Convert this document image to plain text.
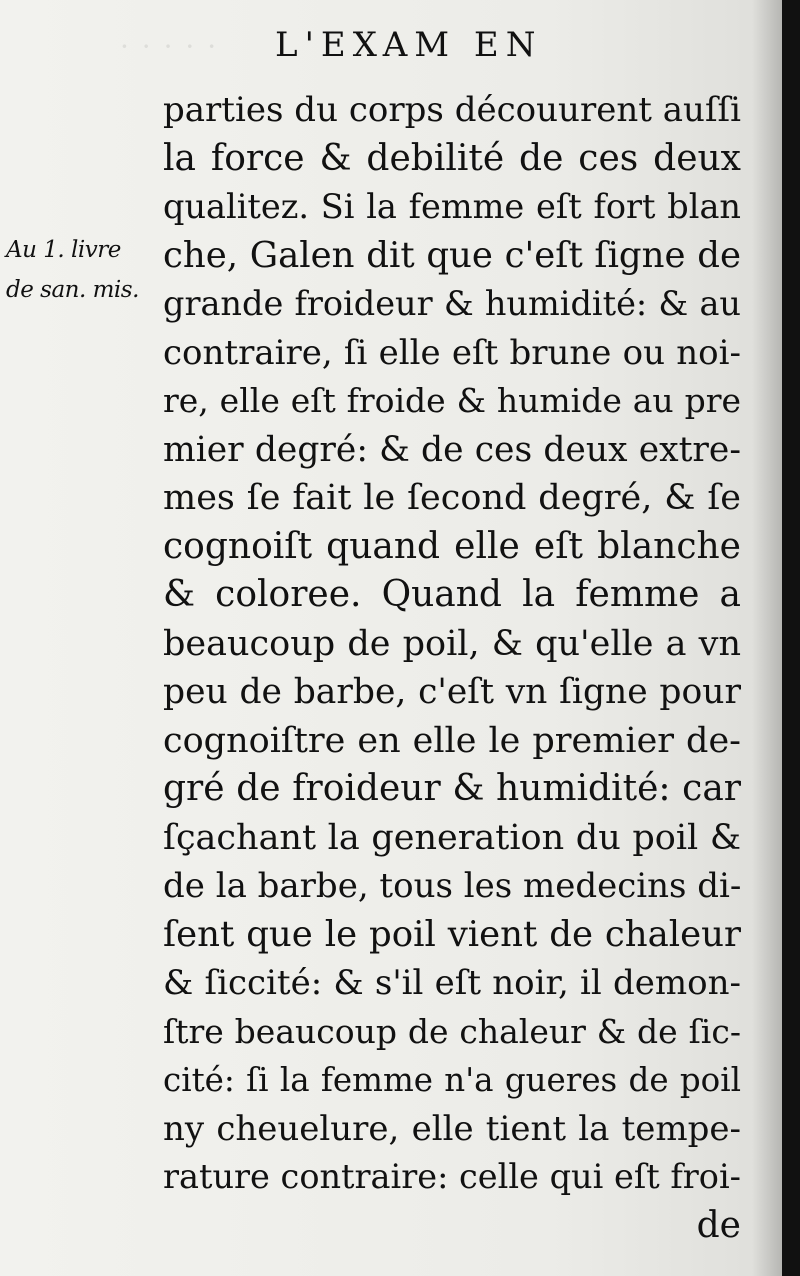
· · · · · L'EXAM EN
Au 1. livre
de san. mis.
parties du corps découurent auſſi
la force & debilité de ces deux
qualitez. Si la femme eſt fort blan
che, Galen dit que c'eſt ſigne de
grande froideur & humidité: & au
contraire, ſi elle eſt brune ou noi-
re, elle eſt froide & humide au pre
mier degré: & de ces deux extre-
mes ſe fait le ſecond degré, & ſe
cognoiſt quand elle eſt blanche
& coloree. Quand la femme a
beaucoup de poil, & qu'elle a vn
peu de barbe, c'eſt vn ſigne pour
cognoiſtre en elle le premier de-
gré de froideur & humidité: car
ſçachant la generation du poil &
de la barbe, tous les medecins di-
ſent que le poil vient de chaleur
& ſiccité: & s'il eſt noir, il demon-
ſtre beaucoup de chaleur & de ſic-
cité: ſi la femme n'a gueres de poil
ny cheuelure, elle tient la tempe-
rature contraire: celle qui eſt froi-
de
